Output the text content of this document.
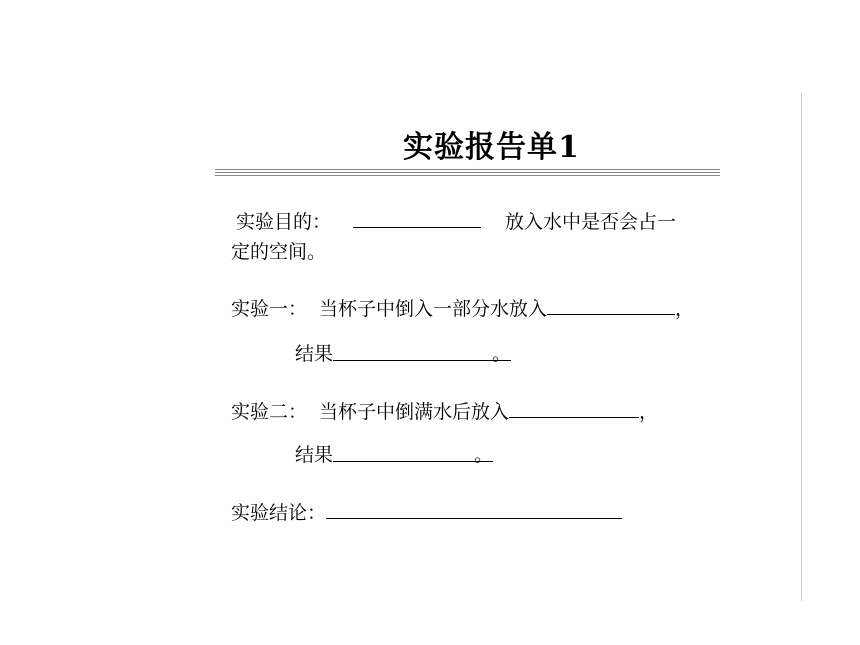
实验报告单1
实验目的：	放入水中是否会占一
定的空间。
实验一： 当杯子中倒入一部分水放入	，
结果	。
实验二： 当杯子中倒满水后放入	，
结果	。
实验结论：
